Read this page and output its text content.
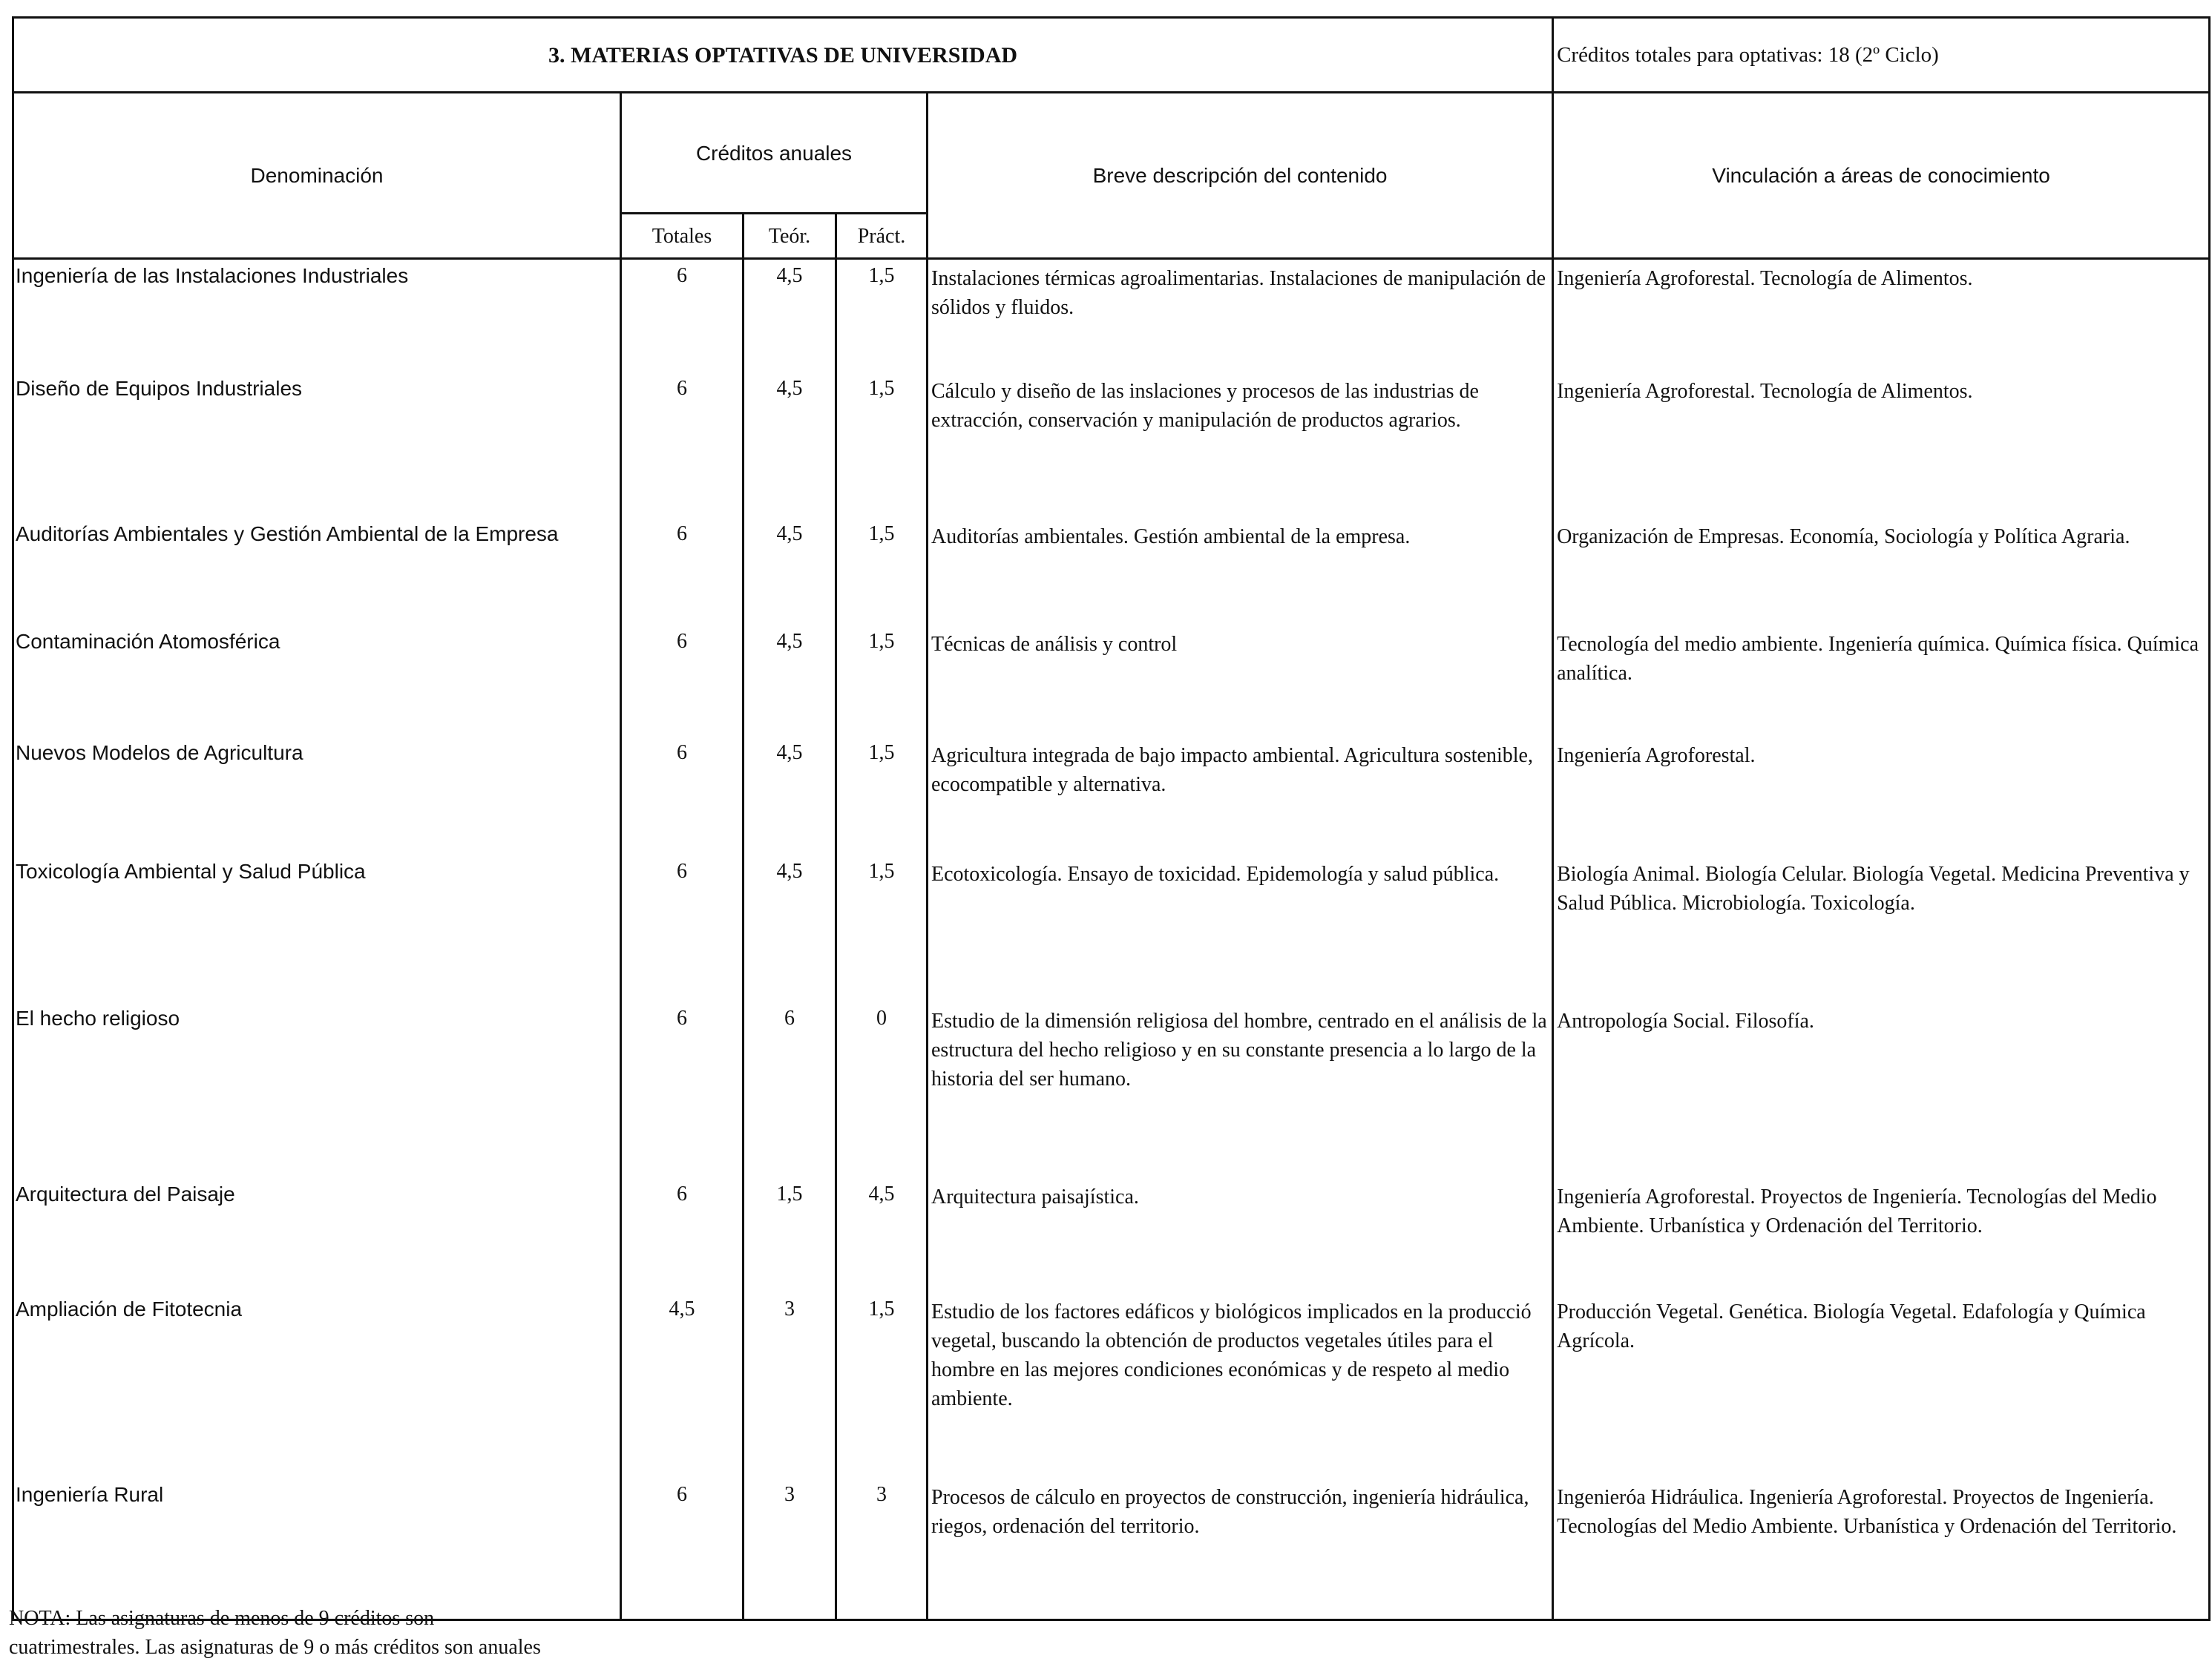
3. MATERIAS OPTATIVAS DE UNIVERSIDAD					Créditos totales para optativas: 18 (2º Ciclo)
Denominación	Créditos anuales			Breve descripción del contenido	Vinculación a áreas de conocimiento
	Totales	Teór.	Práct.		
Ingeniería de las Instalaciones Industriales	6	4,5	1,5	Instalaciones térmicas agroalimentarias. Instalaciones de manipulación de sólidos y fluidos.	Ingeniería Agroforestal. Tecnología de Alimentos.
Diseño de Equipos Industriales	6	4,5	1,5	Cálculo y diseño de las inslaciones y procesos de las industrias de extracción, conservación y manipulación de productos agrarios.	Ingeniería Agroforestal. Tecnología de Alimentos.
Auditorías Ambientales y Gestión Ambiental de la Empresa	6	4,5	1,5	Auditorías ambientales. Gestión ambiental de la empresa.	Organización de Empresas. Economía, Sociología y Política Agraria.
Contaminación Atomosférica	6	4,5	1,5	Técnicas de análisis y control	Tecnología del medio ambiente. Ingeniería química. Química física. Química analítica.
Nuevos Modelos de Agricultura	6	4,5	1,5	Agricultura integrada de bajo impacto ambiental. Agricultura sostenible, ecocompatible y alternativa.	Ingeniería Agroforestal.
Toxicología Ambiental y Salud Pública	6	4,5	1,5	Ecotoxicología. Ensayo de toxicidad. Epidemología y salud pública.	Biología Animal. Biología Celular. Biología Vegetal. Medicina Preventiva y Salud Pública. Microbiología. Toxicología.
El hecho religioso	6	6	0	Estudio de la dimensión religiosa del hombre, centrado en el análisis de la estructura del hecho religioso y en su constante presencia a lo largo de la historia del ser humano.	Antropología Social. Filosofía.
Arquitectura del Paisaje	6	1,5	4,5	Arquitectura paisajística.	Ingeniería Agroforestal. Proyectos de Ingeniería. Tecnologías del Medio Ambiente. Urbanística y Ordenación del Territorio.
Ampliación de Fitotecnia	4,5	3	1,5	Estudio de los factores edáficos y biológicos implicados en la producció vegetal, buscando la obtención de productos vegetales útiles para el hombre en las mejores condiciones económicas y de respeto al medio ambiente.	Producción Vegetal. Genética. Biología Vegetal. Edafología y Química Agrícola.
Ingeniería Rural	6	3	3	Procesos de cálculo en proyectos de construcción, ingeniería hidráulica, riegos, ordenación del territorio.	Ingenieróa Hidráulica. Ingeniería Agroforestal. Proyectos de Ingeniería. Tecnologías del Medio Ambiente. Urbanística y Ordenación del Territorio.
NOTA: Las asignaturas de menos de 9 créditos son
cuatrimestrales. Las asignaturas de 9 o más créditos son anuales
